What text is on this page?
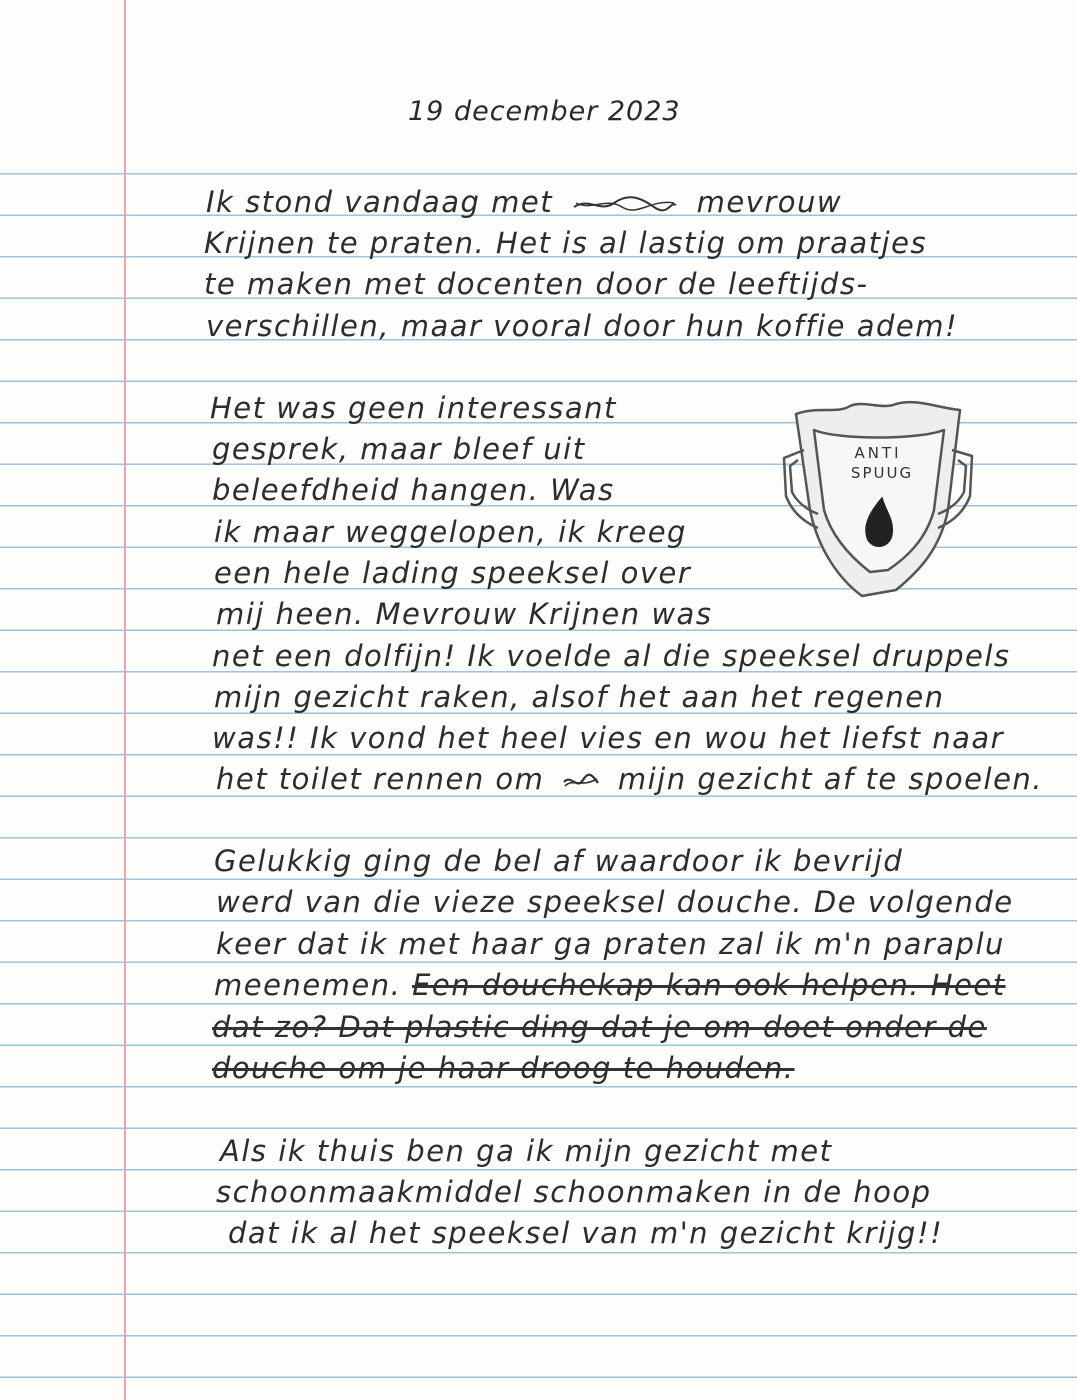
19 december 2023
Ik stond vandaag met	mevrouw
Krijnen te praten. Het is al lastig om praatjes
te maken met docenten door de leeftijds-
verschillen, maar vooral door hun koffie adem!
Het was geen interessant
gesprek, maar bleef uit
beleefdheid hangen. Was
ik maar weggelopen, ik kreeg
een hele lading speeksel over
mij heen. Mevrouw Krijnen was
net een dolfijn! Ik voelde al die speeksel druppels
mijn gezicht raken, alsof het aan het regenen
was!! Ik vond het heel vies en wou het liefst naar
het toilet rennen om	mijn gezicht af te spoelen.
ANTI
SPUUG
Gelukkig ging de bel af waardoor ik bevrijd
werd van die vieze speeksel douche. De volgende
keer dat ik met haar ga praten zal ik m'n paraplu
meenemen. Een douchekap kan ook helpen. Heet
dat zo? Dat plastic ding dat je om doet onder de
douche om je haar droog te houden.
Als ik thuis ben ga ik mijn gezicht met
schoonmaakmiddel schoonmaken in de hoop
dat ik al het speeksel van m'n gezicht krijg!!
